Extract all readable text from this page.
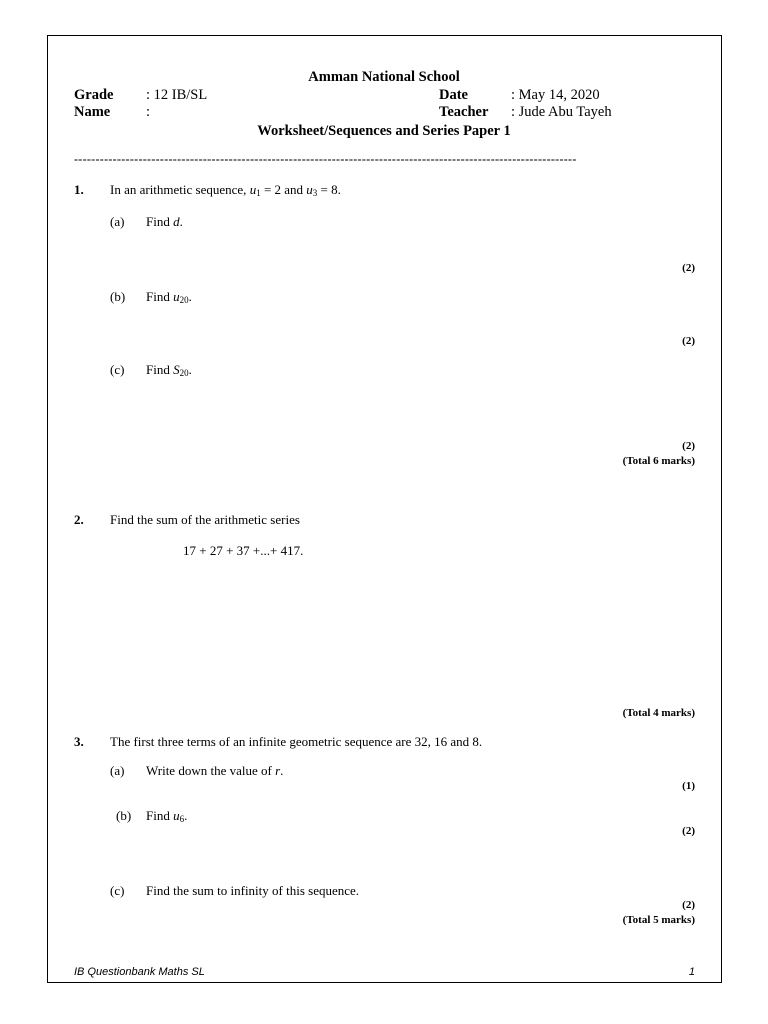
Amman National School
Grade : 12 IB/SL
Name :
Date	: May 14, 2020
Teacher : Jude Abu Tayeh
Worksheet/Sequences and Series Paper 1
---------------------------------------------------------------------------------------------------------------------
1. In an arithmetic sequence, $u_1 = 2$ and $u_3 = 8$.
(a) Find d.
(2)
(b) Find $u_{20}$.
(2)
(c) Find $S_{20}$.
(2)
(Total 6 marks)
2. Find the sum of the arithmetic series
17 + 27 + 37 +...+ 417.
(Total 4 marks)
3. The first three terms of an infinite geometric sequence are 32, 16 and 8.
(a) Write down the value of r.
(1)
(b) Find $u_6$.
(2)
(c) Find the sum to infinity of this sequence.
(2)
(Total 5 marks)
IB Questionbank Maths SL	1
